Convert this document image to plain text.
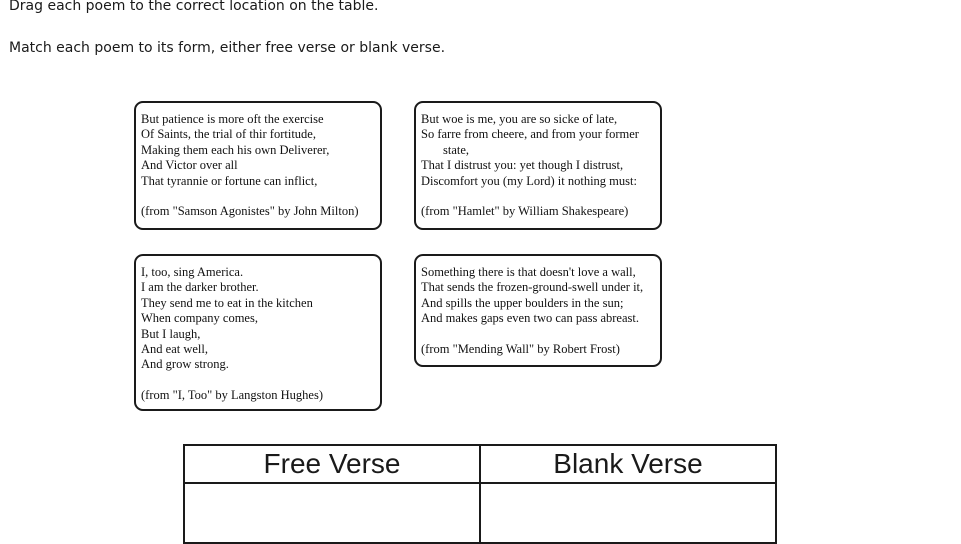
Drag each poem to the correct location on the table.
Match each poem to its form, either free verse or blank verse.
But patience is more oft the exercise
Of Saints, the trial of thir fortitude,
Making them each his own Deliverer,
And Victor over all
That tyrannie or fortune can inflict,
(from "Samson Agonistes" by John Milton)
But woe is me, you are so sicke of late,
So farre from cheere, and from your former
state,
That I distrust you: yet though I distrust,
Discomfort you (my Lord) it nothing must:
(from "Hamlet" by William Shakespeare)
I, too, sing America.
I am the darker brother.
They send me to eat in the kitchen
When company comes,
But I laugh,
And eat well,
And grow strong.
(from "I, Too" by Langston Hughes)
Something there is that doesn't love a wall,
That sends the frozen-ground-swell under it,
And spills the upper boulders in the sun;
And makes gaps even two can pass abreast.
(from "Mending Wall" by Robert Frost)
Free Verse	Blank Verse
